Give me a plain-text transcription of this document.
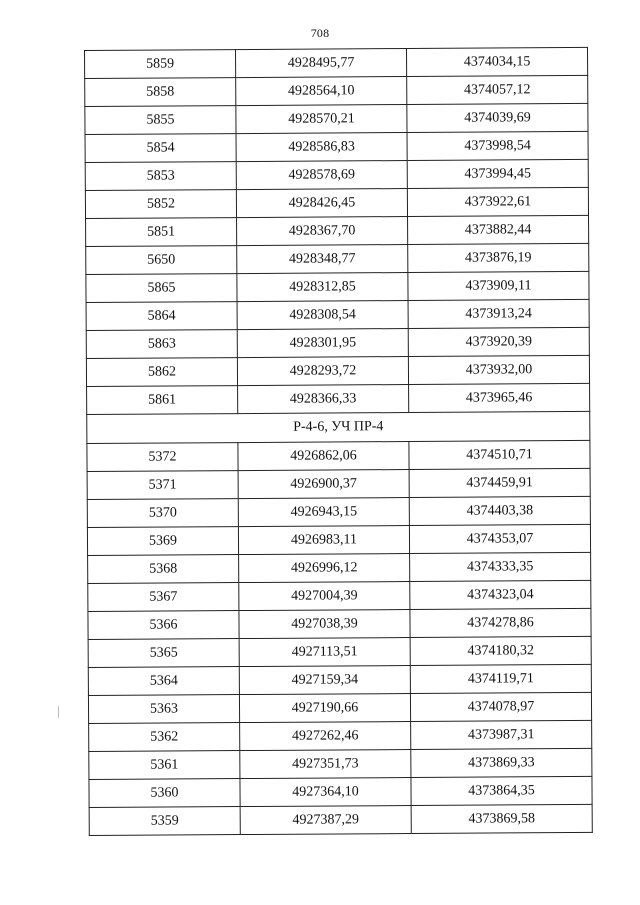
708
5859	4928495,77	4374034,15
5858	4928564,10	4374057,12
5855	4928570,21	4374039,69
5854	4928586,83	4373998,54
5853	4928578,69	4373994,45
5852	4928426,45	4373922,61
5851	4928367,70	4373882,44
5650	4928348,77	4373876,19
5865	4928312,85	4373909,11
5864	4928308,54	4373913,24
5863	4928301,95	4373920,39
5862	4928293,72	4373932,00
5861	4928366,33	4373965,46
Р-4-6, УЧ ПР-4		
5372	4926862,06	4374510,71
5371	4926900,37	4374459,91
5370	4926943,15	4374403,38
5369	4926983,11	4374353,07
5368	4926996,12	4374333,35
5367	4927004,39	4374323,04
5366	4927038,39	4374278,86
5365	4927113,51	4374180,32
5364	4927159,34	4374119,71
5363	4927190,66	4374078,97
5362	4927262,46	4373987,31
5361	4927351,73	4373869,33
5360	4927364,10	4373864,35
5359	4927387,29	4373869,58
